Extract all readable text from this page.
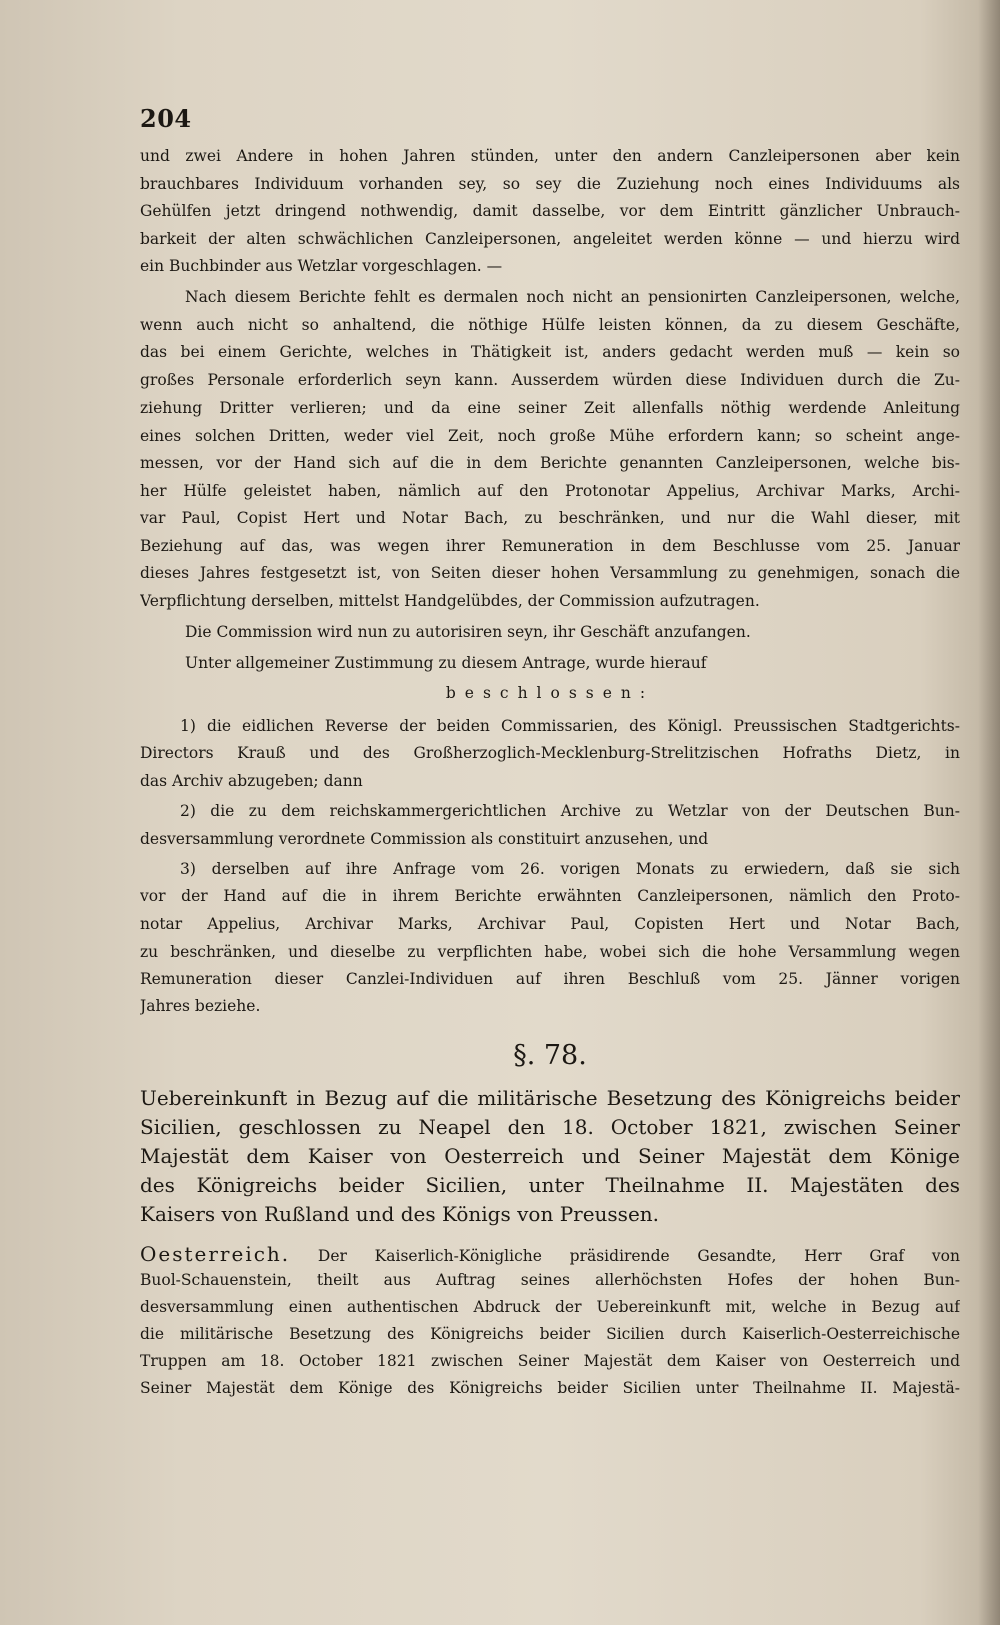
204
und zwei Andere in hohen Jahren stünden, unter den andern Canzleipersonen aber kein
brauchbares Individuum vorhanden sey, so sey die Zuziehung noch eines Individuums als
Gehülfen jetzt dringend nothwendig, damit dasselbe, vor dem Eintritt gänzlicher Unbrauch-
barkeit der alten schwächlichen Canzleipersonen, angeleitet werden könne — und hierzu wird
ein Buchbinder aus Wetzlar vorgeschlagen. —
Nach diesem Berichte fehlt es dermalen noch nicht an pensionirten Canzleipersonen, welche,
wenn auch nicht so anhaltend, die nöthige Hülfe leisten können, da zu diesem Geschäfte,
das bei einem Gerichte, welches in Thätigkeit ist, anders gedacht werden muß — kein so
großes Personale erforderlich seyn kann. Ausserdem würden diese Individuen durch die Zu-
ziehung Dritter verlieren; und da eine seiner Zeit allenfalls nöthig werdende Anleitung
eines solchen Dritten, weder viel Zeit, noch große Mühe erfordern kann; so scheint ange-
messen, vor der Hand sich auf die in dem Berichte genannten Canzleipersonen, welche bis-
her Hülfe geleistet haben, nämlich auf den Protonotar Appelius, Archivar Marks, Archi-
var Paul, Copist Hert und Notar Bach, zu beschränken, und nur die Wahl dieser, mit
Beziehung auf das, was wegen ihrer Remuneration in dem Beschlusse vom 25. Januar
dieses Jahres festgesetzt ist, von Seiten dieser hohen Versammlung zu genehmigen, sonach die
Verpflichtung derselben, mittelst Handgelübdes, der Commission aufzutragen.
Die Commission wird nun zu autorisiren seyn, ihr Geschäft anzufangen.
Unter allgemeiner Zustimmung zu diesem Antrage, wurde hierauf
beschlossen:
1) die eidlichen Reverse der beiden Commissarien, des Königl. Preussischen Stadtgerichts-
Directors Krauß und des Großherzoglich-Mecklenburg-Strelitzischen Hofraths Dietz, in
das Archiv abzugeben; dann
2) die zu dem reichskammergerichtlichen Archive zu Wetzlar von der Deutschen Bun-
desversammlung verordnete Commission als constituirt anzusehen, und
3) derselben auf ihre Anfrage vom 26. vorigen Monats zu erwiedern, daß sie sich
vor der Hand auf die in ihrem Berichte erwähnten Canzleipersonen, nämlich den Proto-
notar Appelius, Archivar Marks, Archivar Paul, Copisten Hert und Notar Bach,
zu beschränken, und dieselbe zu verpflichten habe, wobei sich die hohe Versammlung wegen
Remuneration dieser Canzlei-Individuen auf ihren Beschluß vom 25. Jänner vorigen
Jahres beziehe.
§. 78.
Uebereinkunft in Bezug auf die militärische Besetzung des Königreichs beider
Sicilien, geschlossen zu Neapel den 18. October 1821, zwischen Seiner
Majestät dem Kaiser von Oesterreich und Seiner Majestät dem Könige
des Königreichs beider Sicilien, unter Theilnahme II. Majestäten des
Kaisers von Rußland und des Königs von Preussen.
Oesterreich. Der Kaiserlich-Königliche präsidirende Gesandte, Herr Graf von
Buol-Schauenstein, theilt aus Auftrag seines allerhöchsten Hofes der hohen Bun-
desversammlung einen authentischen Abdruck der Uebereinkunft mit, welche in Bezug auf
die militärische Besetzung des Königreichs beider Sicilien durch Kaiserlich-Oesterreichische
Truppen am 18. October 1821 zwischen Seiner Majestät dem Kaiser von Oesterreich und
Seiner Majestät dem Könige des Königreichs beider Sicilien unter Theilnahme II. Majestä-
